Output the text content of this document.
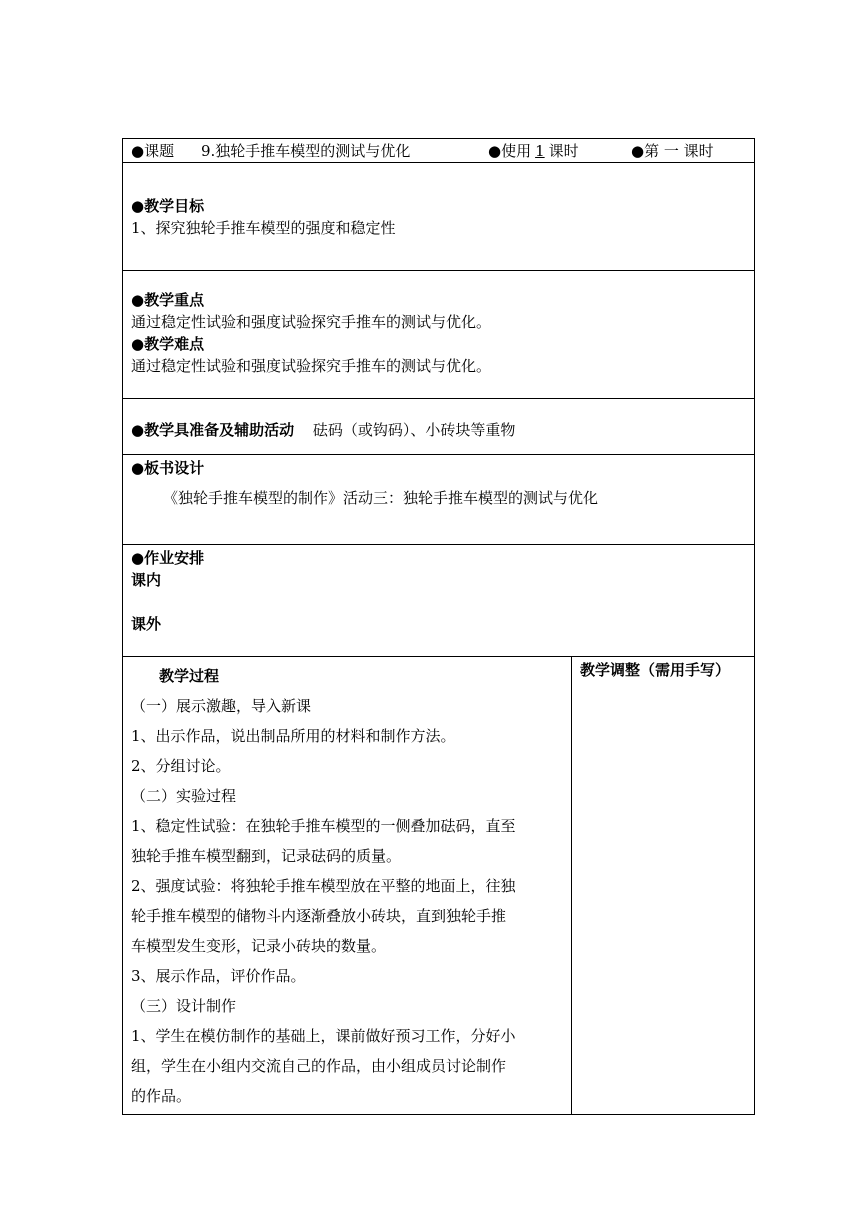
●课题 9.独轮手推车模型的测试与优化	●使用 1 课时	●第 一 课时

●教学目标
1、探究独轮手推车模型的强度和稳定性

●教学重点
通过稳定性试验和强度试验探究手推车的测试与优化。
●教学难点
通过稳定性试验和强度试验探究手推车的测试与优化。

●教学具准备及辅助活动 砝码（或钩码）、小砖块等重物

●板书设计
《独轮手推车模型的制作》活动三：独轮手推车模型的测试与优化

●作业安排
课内
课外

教学过程
（一）展示激趣，导入新课
1、出示作品，说出制品所用的材料和制作方法。
2、分组讨论。
（二）实验过程
1、稳定性试验：在独轮手推车模型的一侧叠加砝码，直至
独轮手推车模型翻到，记录砝码的质量。
2、强度试验：将独轮手推车模型放在平整的地面上，往独
轮手推车模型的储物斗内逐渐叠放小砖块，直到独轮手推
车模型发生变形，记录小砖块的数量。
3、展示作品，评价作品。
（三）设计制作
1、学生在模仿制作的基础上，课前做好预习工作，分好小
组，学生在小组内交流自己的作品，由小组成员讨论制作
的作品。

教学调整（需用手写）
